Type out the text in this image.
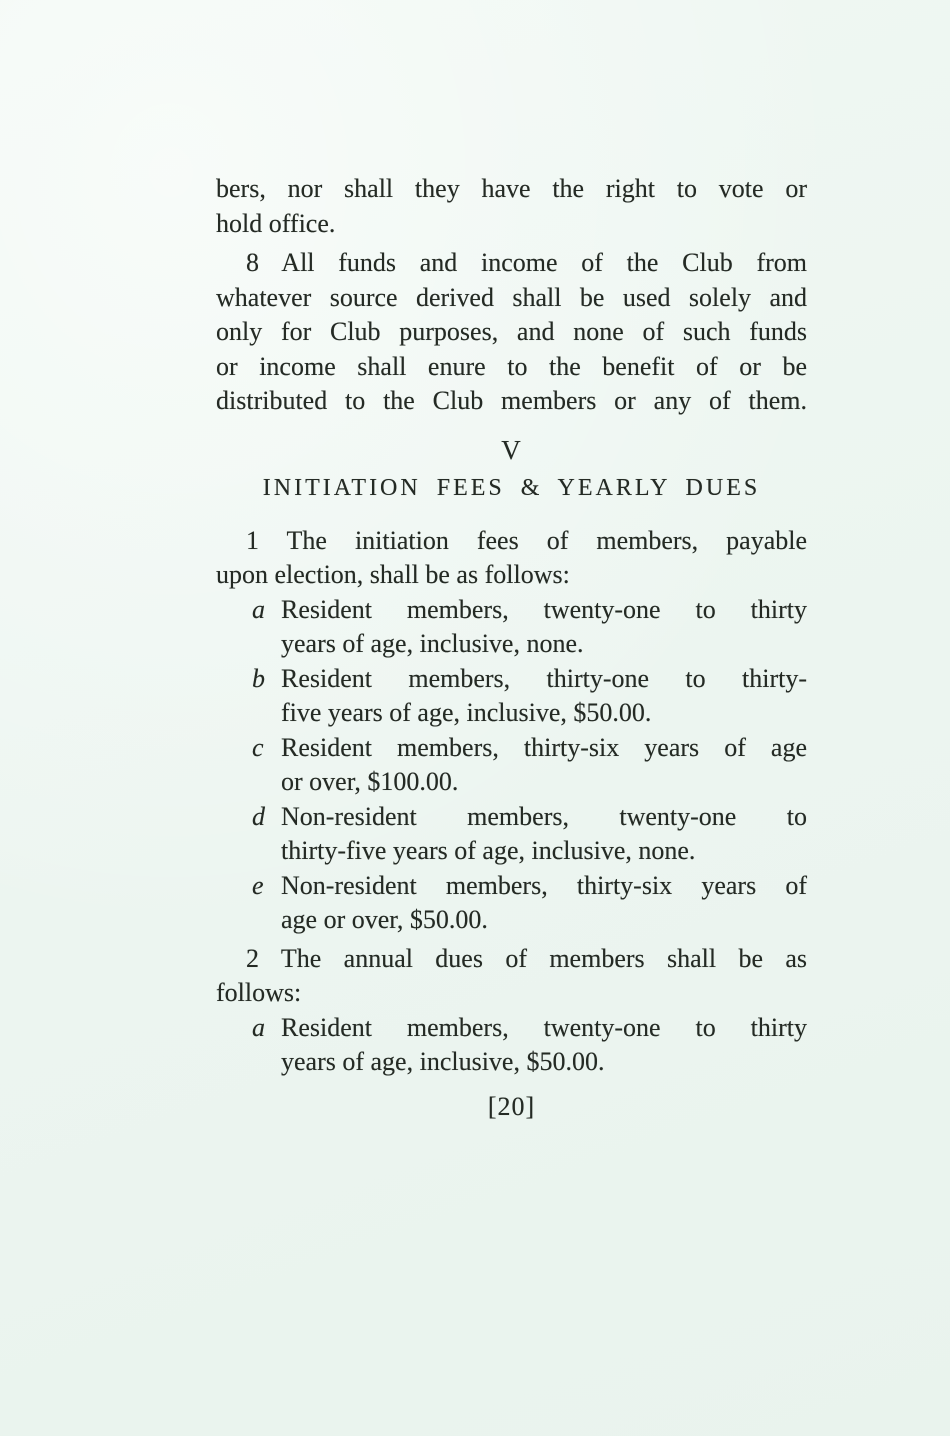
bers, nor shall they have the right to vote or
hold office.
8 All funds and income of the Club from
whatever source derived shall be used solely and
only for Club purposes, and none of such funds
or income shall enure to the benefit of or be
distributed to the Club members or any of them.
V
INITIATION FEES & YEARLY DUES
1 The initiation fees of members, payable
upon election, shall be as follows:
a Resident members, twenty-one to thirty
years of age, inclusive, none.
b Resident members, thirty-one to thirty-
five years of age, inclusive, $50.00.
c Resident members, thirty-six years of age
or over, $100.00.
d Non-resident members, twenty-one to
thirty-five years of age, inclusive, none.
e Non-resident members, thirty-six years of
age or over, $50.00.
2 The annual dues of members shall be as
follows:
a Resident members, twenty-one to thirty
years of age, inclusive, $50.00.
[20]
